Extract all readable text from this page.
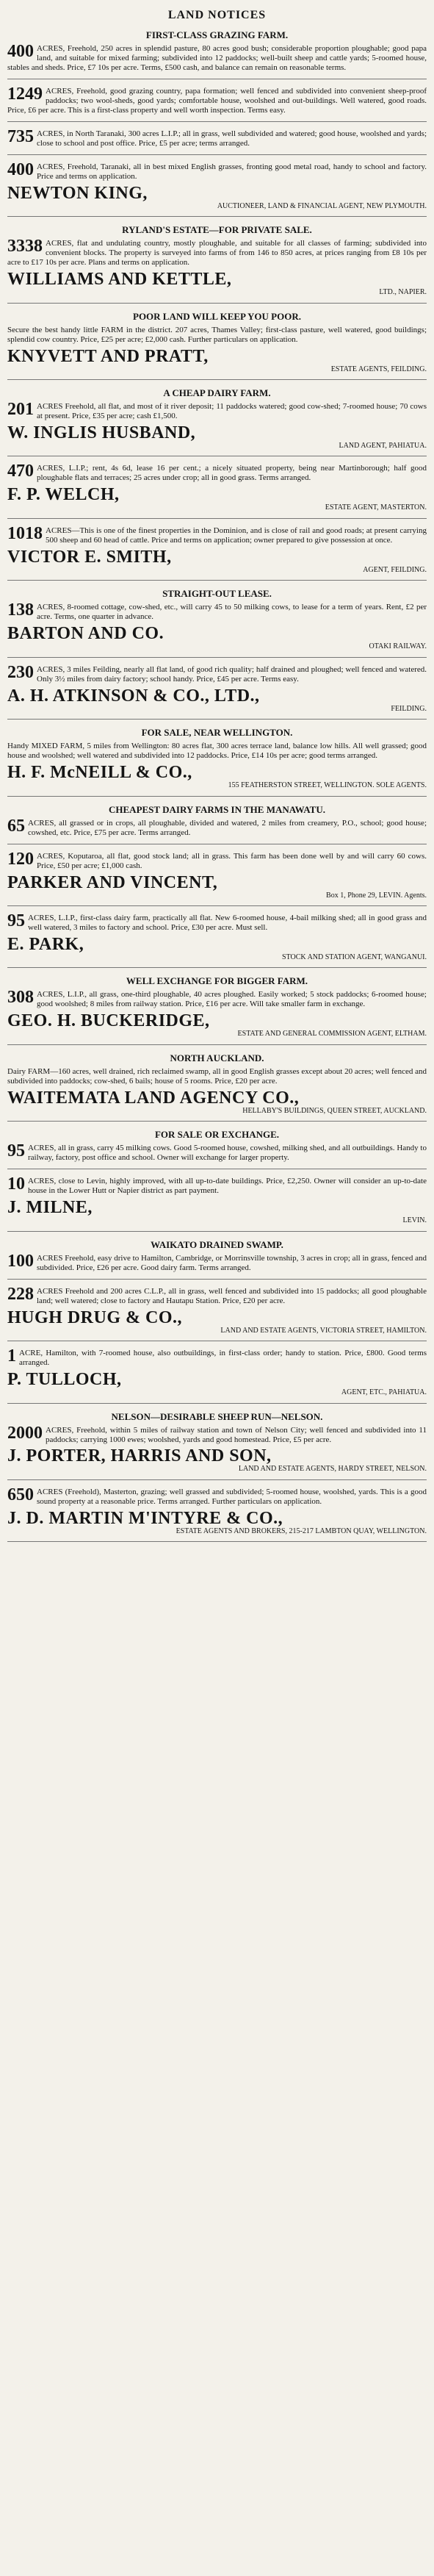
LAND NOTICES
FIRST-CLASS GRAZING FARM.
400 ACRES, Freehold, 250 acres in splendid pasture, 80 acres good bush; considerable proportion ploughable; good papa land, and suitable for mixed farming; subdivided into 12 paddocks; well-built sheep and cattle yards; 5-roomed house, stables and sheds. Price, £7 10s per acre. Terms, £500 cash, and balance can remain on reasonable terms.
1249 ACRES, Freehold, good grazing country, papa formation; well fenced and subdivided into convenient sheep-proof paddocks; two wool-sheds, good yards; comfortable house, woolshed and out-buildings. Well watered, good roads. Price, £6 per acre. This is a first-class property and well worth inspection. Terms easy.
735 ACRES, in North Taranaki, 300 acres L.I.P.; all in grass, well subdivided and watered; good house, woolshed and yards; close to school and post office. Price, £5 per acre; terms arranged.
400 ACRES, Freehold, Taranaki, all in best mixed English grasses, fronting good metal road, handy to school and factory. Price and terms on application.
NEWTON KING,
AUCTIONEER, LAND & FINANCIAL AGENT, NEW PLYMOUTH.
RYLAND'S ESTATE—FOR PRIVATE SALE.
3338 ACRES, flat and undulating country, mostly ploughable, and suitable for all classes of farming; subdivided into convenient blocks. The property is surveyed into farms of from 146 to 850 acres, at prices ranging from £8 10s per acre to £17 10s per acre. Plans and terms on application.
WILLIAMS AND KETTLE,
LTD., NAPIER.
POOR LAND WILL KEEP YOU POOR.
Secure the best handy little FARM in the district. 207 acres, Thames Valley; first-class pasture, well watered, good buildings; splendid cow country. Price, £25 per acre; £2,000 cash. Further particulars on application.
KNYVETT AND PRATT,
ESTATE AGENTS, FEILDING.
A CHEAP DAIRY FARM.
201 ACRES Freehold, all flat, and most of it river deposit; 11 paddocks watered; good cow-shed; 7-roomed house; 70 cows at present. Price, £35 per acre; cash £1,500.
W. INGLIS HUSBAND,
LAND AGENT, PAHIATUA.
470 ACRES, L.I.P.; rent, 4s 6d, lease 16 per cent.; a nicely situated property, being near Martinborough; half good ploughable flats and terraces; 25 acres under crop; all in good grass. Terms arranged.
F. P. WELCH,
ESTATE AGENT, MASTERTON.
1018 ACRES—This is one of the finest properties in the Dominion, and is close of rail and good roads; at present carrying 500 sheep and 60 head of cattle. Price and terms on application; owner prepared to give possession at once.
VICTOR E. SMITH,
AGENT, FEILDING.
STRAIGHT-OUT LEASE.
138 ACRES, 8-roomed cottage, cow-shed, etc., will carry 45 to 50 milking cows, to lease for a term of years. Rent, £2 per acre. Terms, one quarter in advance.
BARTON AND CO.
OTAKI RAILWAY.
230 ACRES, 3 miles Feilding, nearly all flat land, of good rich quality; half drained and ploughed; well fenced and watered. Only 3½ miles from dairy factory; school handy. Price, £45 per acre. Terms easy.
A. H. ATKINSON & CO., LTD.,
FEILDING.
FOR SALE, NEAR WELLINGTON.
Handy MIXED FARM, 5 miles from Wellington: 80 acres flat, 300 acres terrace land, balance low hills. All well grassed; good house and woolshed; well watered and subdivided into 12 paddocks. Price, £14 10s per acre; good terms arranged.
H. F. McNEILL & CO.,
155 FEATHERSTON STREET, WELLINGTON. SOLE AGENTS.
CHEAPEST DAIRY FARMS IN THE MANAWATU.
65 ACRES, all grassed or in crops, all ploughable, divided and watered, 2 miles from creamery, P.O., school; good house; cowshed, etc. Price, £75 per acre. Terms arranged.
120 ACRES, Koputaroa, all flat, good stock land; all in grass. This farm has been done well by and will carry 60 cows. Price, £50 per acre; £1,000 cash.
PARKER AND VINCENT,
Box 1, Phone 29, LEVIN. Agents.
95 ACRES, L.I.P., first-class dairy farm, practically all flat. New 6-roomed house, 4-bail milking shed; all in good grass and well watered, 3 miles to factory and school. Price, £30 per acre. Must sell.
E. PARK,
STOCK AND STATION AGENT, WANGANUI.
WELL EXCHANGE FOR BIGGER FARM.
308 ACRES, L.I.P., all grass, one-third ploughable, 40 acres ploughed. Easily worked; 5 stock paddocks; 6-roomed house; good woolshed; 8 miles from railway station. Price, £16 per acre. Will take smaller farm in exchange.
GEO. H. BUCKERIDGE,
ESTATE AND GENERAL COMMISSION AGENT, ELTHAM.
NORTH AUCKLAND.
Dairy FARM—160 acres, well drained, rich reclaimed swamp, all in good English grasses except about 20 acres; well fenced and subdivided into paddocks; cow-shed, 6 bails; house of 5 rooms. Price, £20 per acre.
WAITEMATA LAND AGENCY CO.,
HELLABY'S BUILDINGS, QUEEN STREET, AUCKLAND.
FOR SALE OR EXCHANGE.
95 ACRES, all in grass, carry 45 milking cows. Good 5-roomed house, cowshed, milking shed, and all outbuildings. Handy to railway, factory, post office and school. Owner will exchange for larger property.
10 ACRES, close to Levin, highly improved, with all up-to-date buildings. Price, £2,250. Owner will consider an up-to-date house in the Lower Hutt or Napier district as part payment.
J. MILNE,
LEVIN.
WAIKATO DRAINED SWAMP.
100 ACRES Freehold, easy drive to Hamilton, Cambridge, or Morrinsville township, 3 acres in crop; all in grass, fenced and subdivided. Price, £26 per acre. Good dairy farm. Terms arranged.
228 ACRES Freehold and 200 acres C.L.P., all in grass, well fenced and subdivided into 15 paddocks; all good ploughable land; well watered; close to factory and Hautapu Station. Price, £20 per acre.
HUGH DRUG & CO.,
LAND AND ESTATE AGENTS, VICTORIA STREET, HAMILTON.
1 ACRE, Hamilton, with 7-roomed house, also outbuildings, in first-class order; handy to station. Price, £800. Good terms arranged.
P. TULLOCH,
AGENT, ETC., PAHIATUA.
NELSON—DESIRABLE SHEEP RUN—NELSON.
2000 ACRES, Freehold, within 5 miles of railway station and town of Nelson City; well fenced and subdivided into 11 paddocks; carrying 1000 ewes; woolshed, yards and good homestead. Price, £5 per acre.
J. PORTER, HARRIS AND SON,
LAND AND ESTATE AGENTS, HARDY STREET, NELSON.
650 ACRES (Freehold), Masterton, grazing; well grassed and subdivided; 5-roomed house, woolshed, yards. This is a good sound property at a reasonable price. Terms arranged. Further particulars on application.
J. D. MARTIN M'INTYRE & CO.,
ESTATE AGENTS AND BROKERS, 215-217 LAMBTON QUAY, WELLINGTON.
